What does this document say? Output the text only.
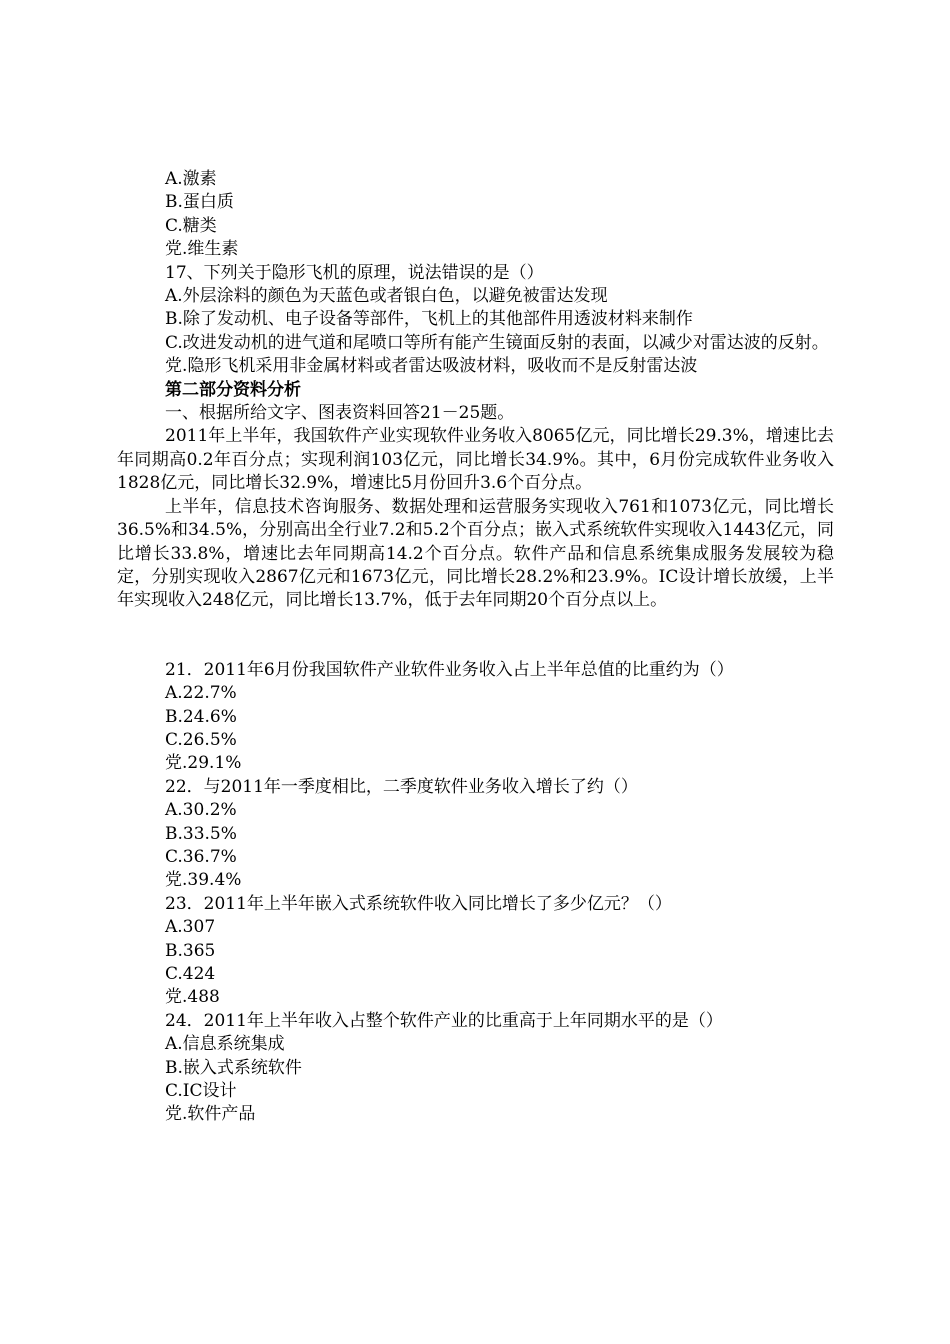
A.激素
B.蛋白质
C.糖类
党.维生素
17、下列关于隐形飞机的原理，说法错误的是（）
A.外层涂料的颜色为天蓝色或者银白色，以避免被雷达发现
B.除了发动机、电子设备等部件，飞机上的其他部件用透波材料来制作
C.改进发动机的进气道和尾喷口等所有能产生镜面反射的表面，以减少对雷达波的反射。
党.隐形飞机采用非金属材料或者雷达吸波材料，吸收而不是反射雷达波
第二部分资料分析
一、根据所给文字、图表资料回答21－25题。
2011年上半年，我国软件产业实现软件业务收入8065亿元，同比增长29.3%，增速比去年同期高0.2年百分点；实现利润103亿元，同比增长34.9%。其中，6月份完成软件业务收入1828亿元，同比增长32.9%，增速比5月份回升3.6个百分点。
上半年，信息技术咨询服务、数据处理和运营服务实现收入761和1073亿元，同比增长36.5%和34.5%，分别高出全行业7.2和5.2个百分点；嵌入式系统软件实现收入1443亿元，同比增长33.8%，增速比去年同期高14.2个百分点。软件产品和信息系统集成服务发展较为稳定，分别实现收入2867亿元和1673亿元，同比增长28.2%和23.9%。IC设计增长放缓，上半年实现收入248亿元，同比增长13.7%，低于去年同期20个百分点以上。
21．2011年6月份我国软件产业软件业务收入占上半年总值的比重约为（）
A.22.7%
B.24.6%
C.26.5%
党.29.1%
22．与2011年一季度相比，二季度软件业务收入增长了约（）
A.30.2%
B.33.5%
C.36.7%
党.39.4%
23．2011年上半年嵌入式系统软件收入同比增长了多少亿元？（）
A.307
B.365
C.424
党.488
24．2011年上半年收入占整个软件产业的比重高于上年同期水平的是（）
A.信息系统集成
B.嵌入式系统软件
C.IC设计
党.软件产品
